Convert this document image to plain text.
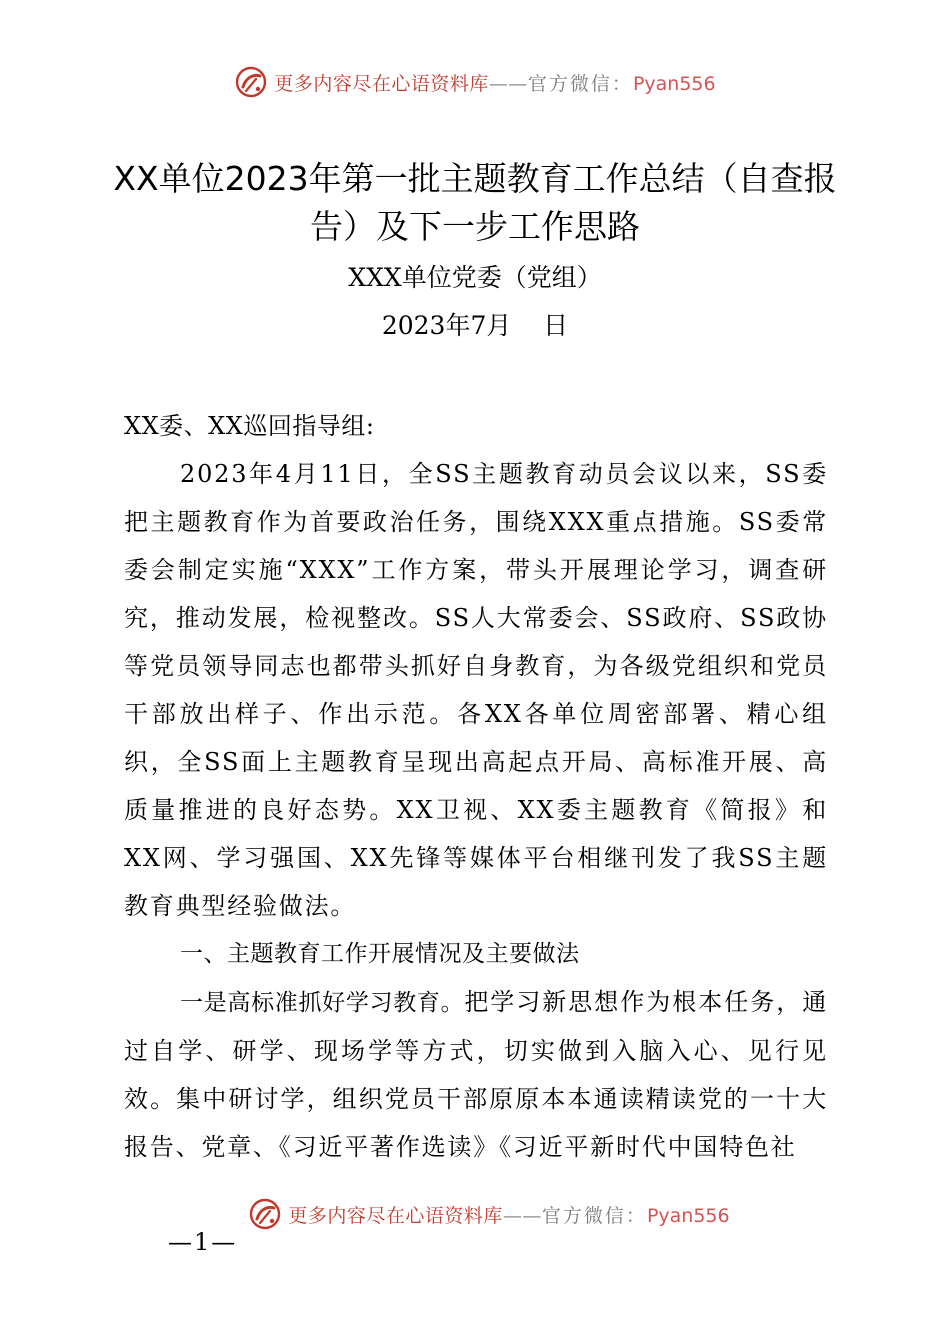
更多内容尽在心语资料库——官方微信：Pyan556
XX单位2023年第一批主题教育工作总结（自查报告）及下一步工作思路
XXX单位党委（党组）
2023年7月    日

XX委、XX巡回指导组:

2023年4月11日，全SS主题教育动员会议以来，SS委把主题教育作为首要政治任务，围绕XXX重点措施。SS委常委会制定实施“XXX”工作方案，带头开展理论学习，调查研究，推动发展，检视整改。SS人大常委会、SS政府、SS政协等党员领导同志也都带头抓好自身教育，为各级党组织和党员干部放出样子、作出示范。各XX各单位周密部署、精心组织，全SS面上主题教育呈现出高起点开局、高标准开展、高质量推进的良好态势。XX卫视、XX委主题教育《简报》和XX网、学习强国、XX先锋等媒体平台相继刊发了我SS主题教育典型经验做法。

一、主题教育工作开展情况及主要做法

一是高标准抓好学习教育。把学习新思想作为根本任务，通过自学、研学、现场学等方式，切实做到入脑入心、见行见效。集中研讨学，组织党员干部原原本本通读精读党的一十大报告、党章、《习近平著作选读》《习近平新时代中国特色社

更多内容尽在心语资料库——官方微信：Pyan556
—1—
